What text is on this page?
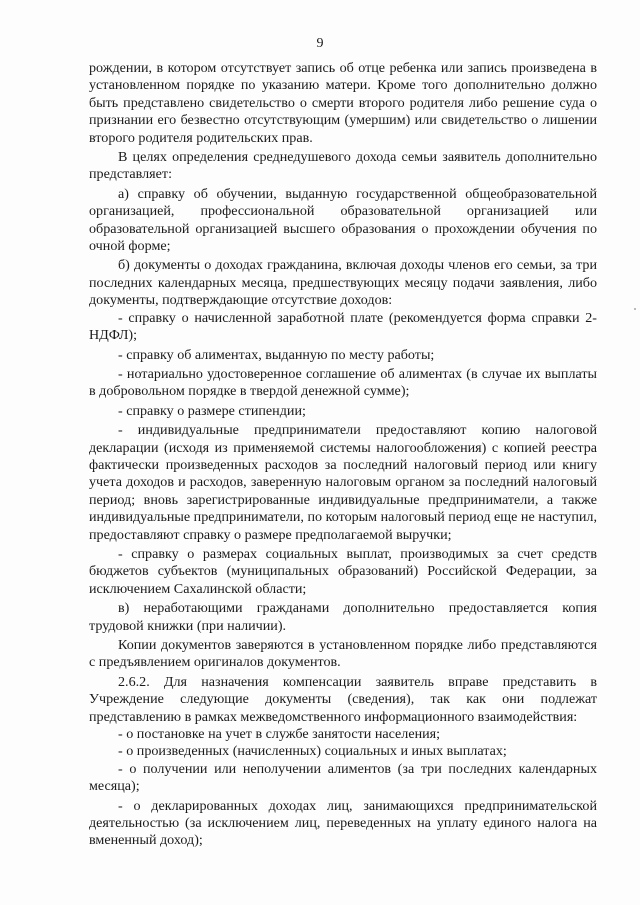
9

рождении, в котором отсутствует запись об отце ребенка или запись произведена в установленном порядке по указанию матери. Кроме того дополнительно должно быть представлено свидетельство о смерти второго родителя либо решение суда о признании его безвестно отсутствующим (умершим) или свидетельство о лишении второго родителя родительских прав.

В целях определения среднедушевого дохода семьи заявитель дополнительно представляет:

а) справку об обучении, выданную государственной общеобразовательной организацией, профессиональной образовательной организацией или образовательной организацией высшего образования о прохождении обучения по очной форме;

б) документы о доходах гражданина, включая доходы членов его семьи, за три последних календарных месяца, предшествующих месяцу подачи заявления, либо документы, подтверждающие отсутствие доходов:

- справку о начисленной заработной плате (рекомендуется форма справки 2-НДФЛ);

- справку об алиментах, выданную по месту работы;

- нотариально удостоверенное соглашение об алиментах (в случае их выплаты в добровольном порядке в твердой денежной сумме);

- справку о размере стипендии;

- индивидуальные предприниматели предоставляют копию налоговой декларации (исходя из применяемой системы налогообложения) с копией реестра фактически произведенных расходов за последний налоговый период или книгу учета доходов и расходов, заверенную налоговым органом за последний налоговый период; вновь зарегистрированные индивидуальные предприниматели, а также индивидуальные предприниматели, по которым налоговый период еще не наступил, предоставляют справку о размере предполагаемой выручки;

- справку о размерах социальных выплат, производимых за счет средств бюджетов субъектов (муниципальных образований) Российской Федерации, за исключением Сахалинской области;

в) неработающими гражданами дополнительно предоставляется копия трудовой книжки (при наличии).

Копии документов заверяются в установленном порядке либо представляются с предъявлением оригиналов документов.

2.6.2. Для назначения компенсации заявитель вправе представить в Учреждение следующие документы (сведения), так как они подлежат представлению в рамках межведомственного информационного взаимодействия:

- о постановке на учет в службе занятости населения;

- о произведенных (начисленных) социальных и иных выплатах;

- о получении или неполучении алиментов (за три последних календарных месяца);

- о декларированных доходах лиц, занимающихся предпринимательской деятельностью (за исключением лиц, переведенных на уплату единого налога на вмененный доход);
